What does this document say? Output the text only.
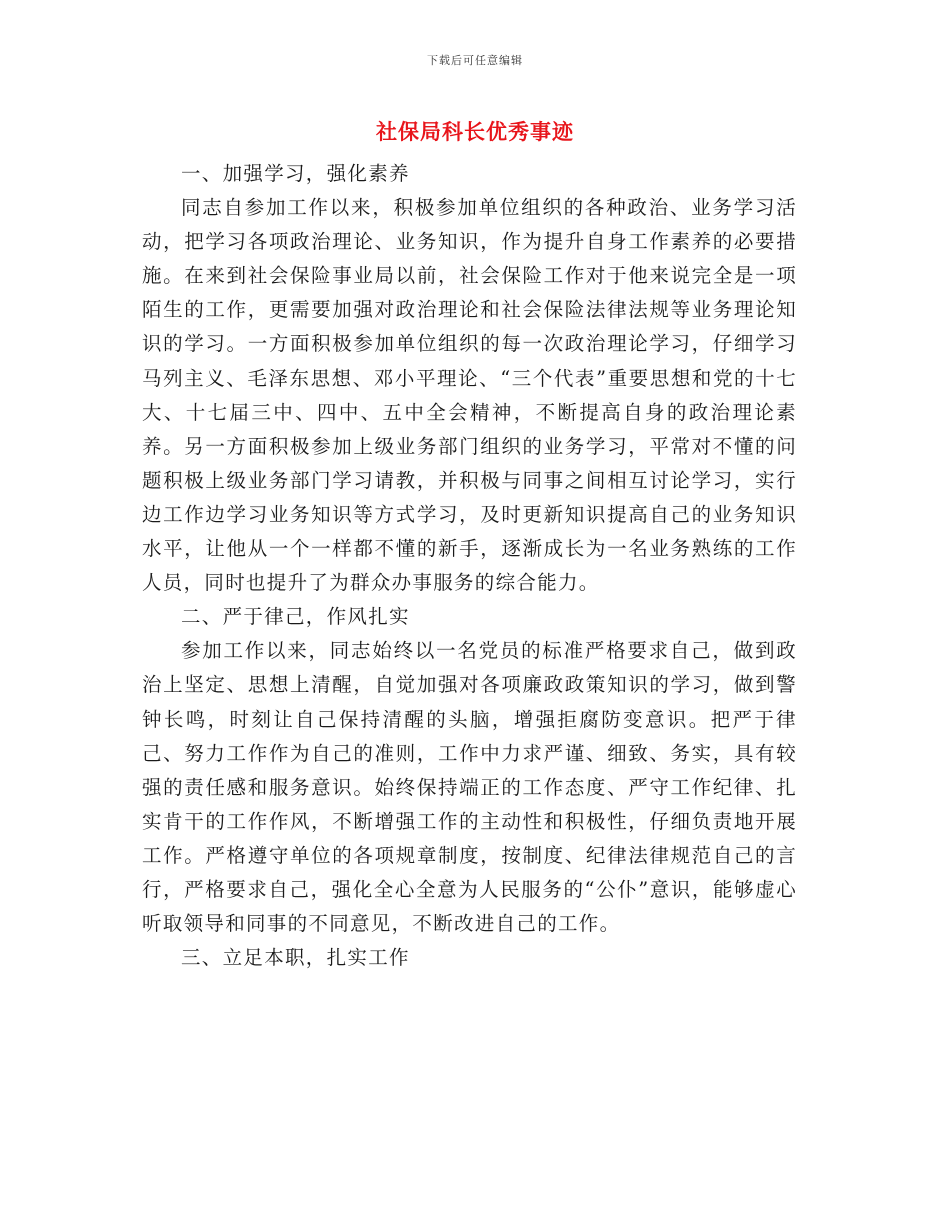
下载后可任意编辑
社保局科长优秀事迹

一、加强学习，强化素养

同志自参加工作以来，积极参加单位组织的各种政治、业务学习活动，把学习各项政治理论、业务知识，作为提升自身工作素养的必要措施。在来到社会保险事业局以前，社会保险工作对于他来说完全是一项陌生的工作，更需要加强对政治理论和社会保险法律法规等业务理论知识的学习。一方面积极参加单位组织的每一次政治理论学习，仔细学习马列主义、毛泽东思想、邓小平理论、“三个代表”重要思想和党的十七大、十七届三中、四中、五中全会精神，不断提高自身的政治理论素养。另一方面积极参加上级业务部门组织的业务学习，平常对不懂的问题积极上级业务部门学习请教，并积极与同事之间相互讨论学习，实行边工作边学习业务知识等方式学习，及时更新知识提高自己的业务知识水平，让他从一个一样都不懂的新手，逐渐成长为一名业务熟练的工作人员，同时也提升了为群众办事服务的综合能力。

二、严于律己，作风扎实

参加工作以来，同志始终以一名党员的标准严格要求自己，做到政治上坚定、思想上清醒，自觉加强对各项廉政政策知识的学习，做到警钟长鸣，时刻让自己保持清醒的头脑，增强拒腐防变意识。把严于律己、努力工作作为自己的准则，工作中力求严谨、细致、务实，具有较强的责任感和服务意识。始终保持端正的工作态度、严守工作纪律、扎实肯干的工作作风，不断增强工作的主动性和积极性，仔细负责地开展工作。严格遵守单位的各项规章制度，按制度、纪律法律规范自己的言行，严格要求自己，强化全心全意为人民服务的“公仆”意识，能够虚心听取领导和同事的不同意见，不断改进自己的工作。

三、立足本职，扎实工作
